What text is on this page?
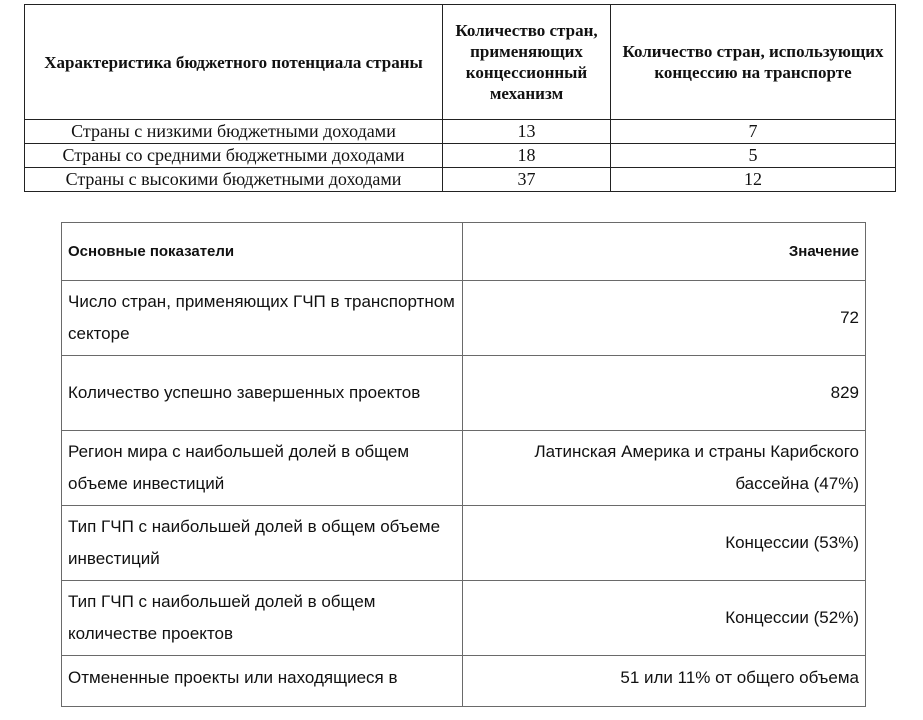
Характеристика бюджетного потенциала страны	Количество стран, применяющих концессионный механизм	Количество стран, использующих концессию на транспорте
Страны с низкими бюджетными доходами	13	7
Страны со средними бюджетными доходами	18	5
Страны с высокими бюджетными доходами	37	12
Основные показатели	Значение
Число стран, применяющих ГЧП в транспортном секторе	72
Количество успешно завершенных проектов	829
Регион мира с наибольшей долей в общем объеме инвестиций	Латинская Америка и страны Карибского бассейна (47%)
Тип ГЧП с наибольшей долей в общем объеме инвестиций	Концессии (53%)
Тип ГЧП с наибольшей долей в общем количестве проектов	Концессии (52%)
Отмененные проекты или находящиеся в	51 или 11% от общего объема
